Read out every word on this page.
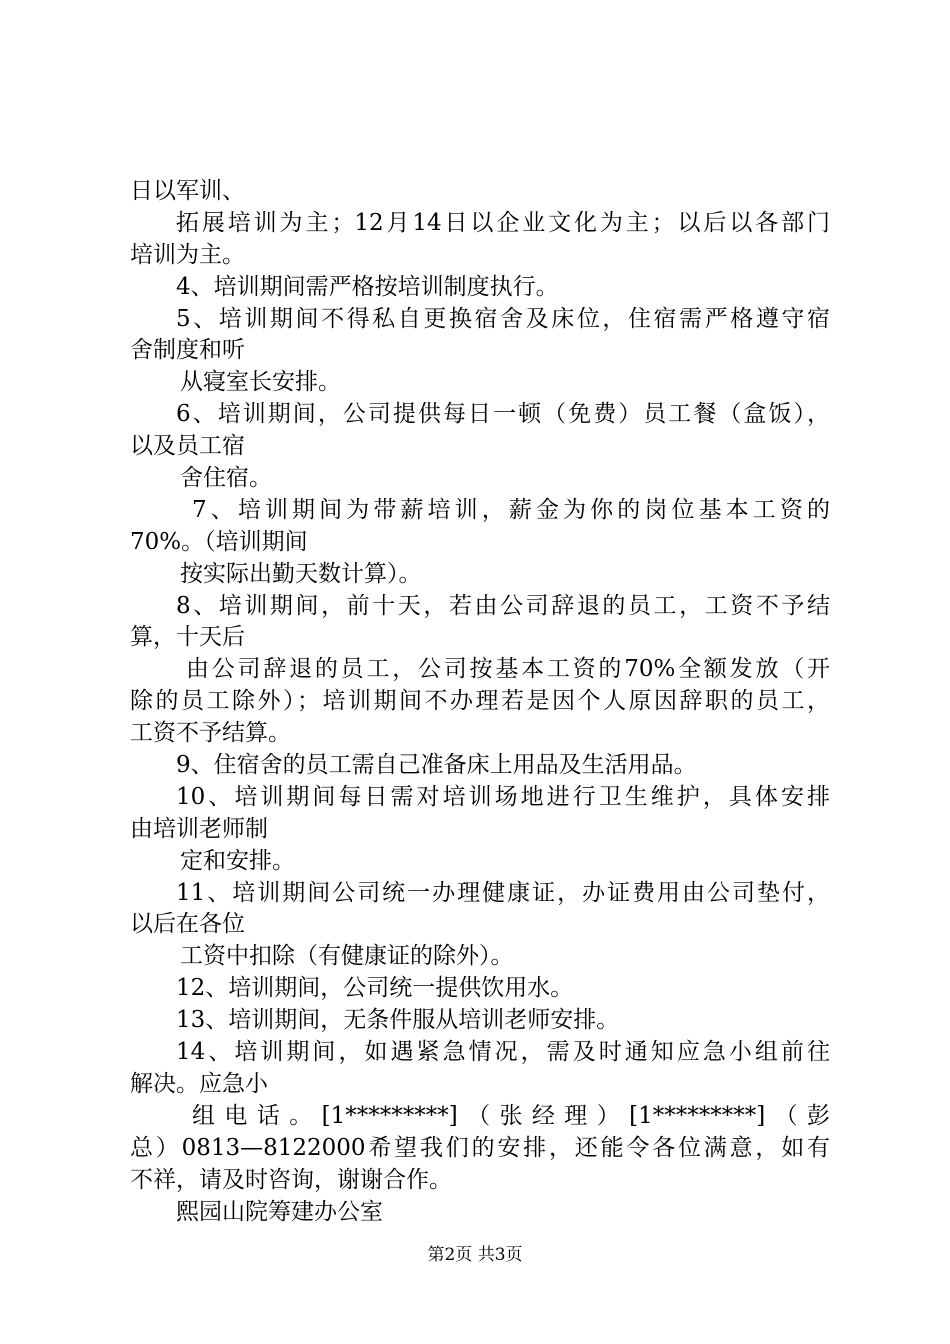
日以军训、
拓展培训为主；12月14日以企业文化为主；以后以各部门
培训为主。
4、培训期间需严格按培训制度执行。
5、培训期间不得私自更换宿舍及床位，住宿需严格遵守宿
舍制度和听
从寝室长安排。
6、培训期间，公司提供每日一顿（免费）员工餐（盒饭），
以及员工宿
舍住宿。
7、培训期间为带薪培训，薪金为你的岗位基本工资的
70%。（培训期间
按实际出勤天数计算）。
8、培训期间，前十天，若由公司辞退的员工，工资不予结
算，十天后
由公司辞退的员工，公司按基本工资的70%全额发放（开
除的员工除外）；培训期间不办理若是因个人原因辞职的员工，
工资不予结算。
9、住宿舍的员工需自己准备床上用品及生活用品。
10、培训期间每日需对培训场地进行卫生维护，具体安排
由培训老师制
定和安排。
11、培训期间公司统一办理健康证，办证费用由公司垫付，
以后在各位
工资中扣除（有健康证的除外）。
12、培训期间，公司统一提供饮用水。
13、培训期间，无条件服从培训老师安排。
14、培训期间，如遇紧急情况，需及时通知应急小组前往
解决。应急小
组电话。[1*********]（张经理）[1*********]（彭
总）0813—8122000希望我们的安排，还能令各位满意，如有
不祥，请及时咨询，谢谢合作。
熙园山院筹建办公室
第2页 共3页
